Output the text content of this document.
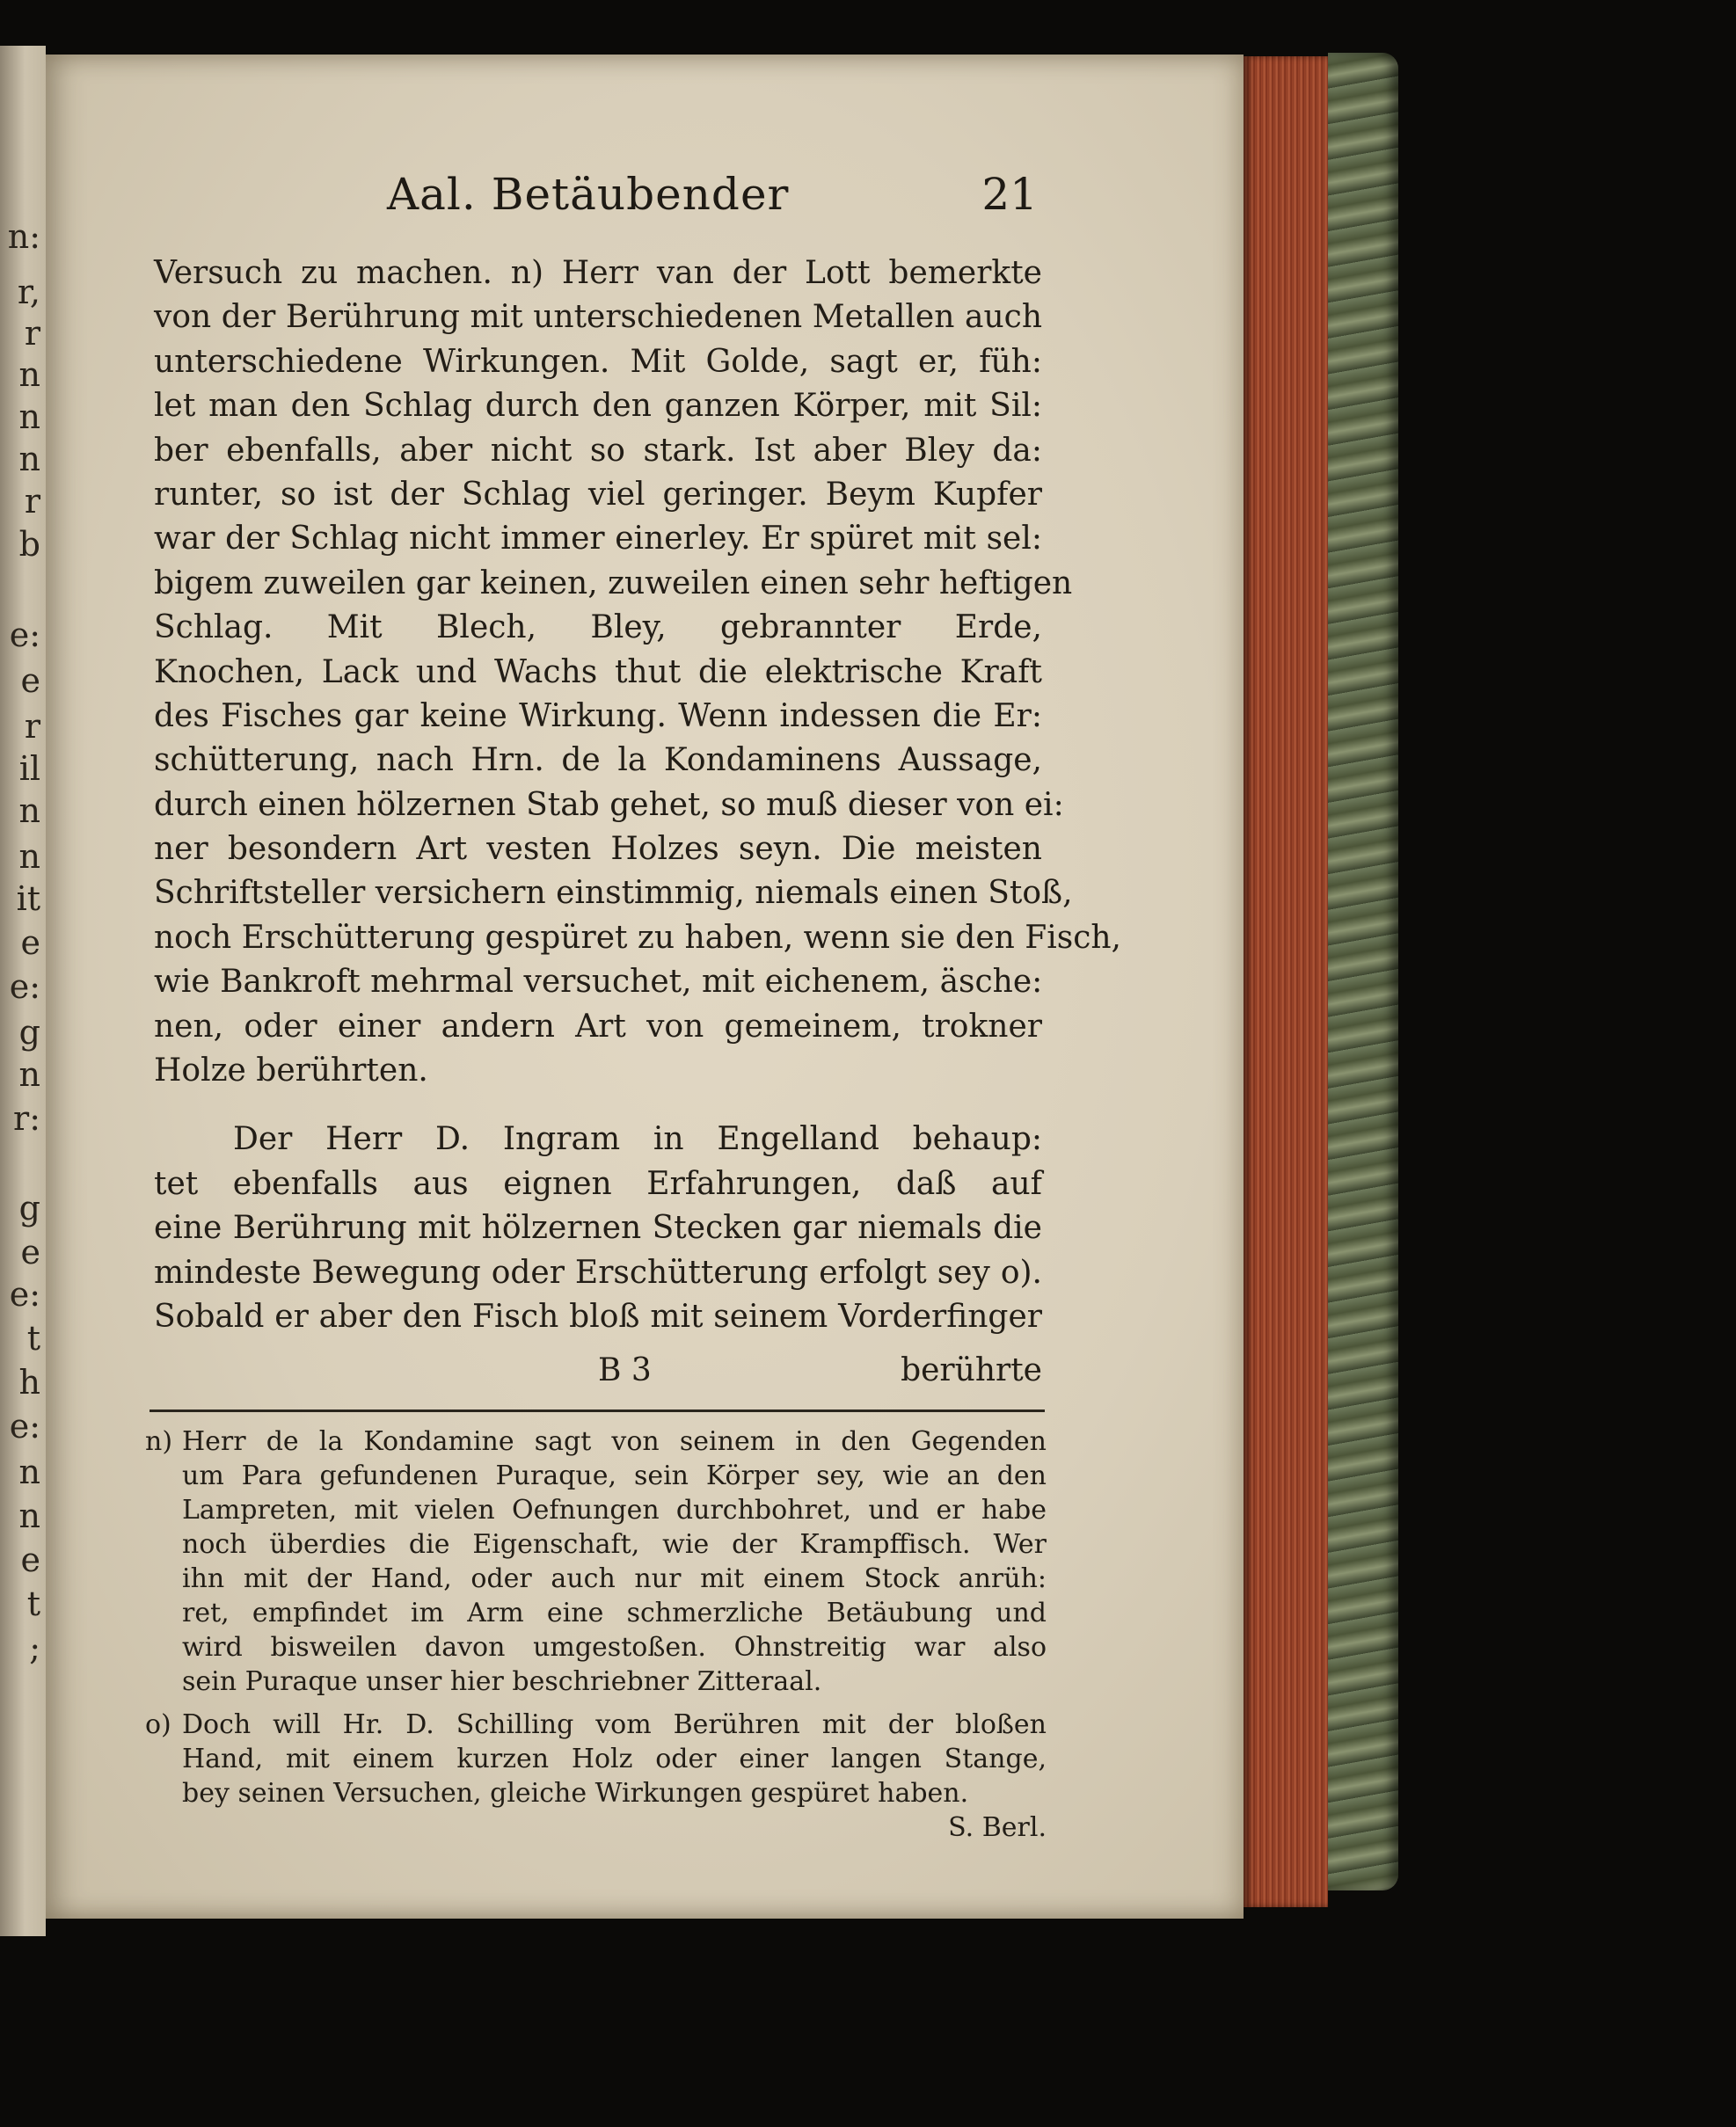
n:
r,
r
n
n
n
r
b
e:
e
r
il
n
n
it
e
e:
g
n
r:
g
e
e:
t
h
e:
n
n
e
t
;
Aal. Betäubender	21
Versuch zu machen. n) Herr van der Lott bemerkte
von der Berührung mit unterschiedenen Metallen auch
unterschiedene Wirkungen. Mit Golde, sagt er, füh:
let man den Schlag durch den ganzen Körper, mit Sil:
ber ebenfalls, aber nicht so stark. Ist aber Bley da:
runter, so ist der Schlag viel geringer. Beym Kupfer
war der Schlag nicht immer einerley. Er spüret mit sel:
bigem zuweilen gar keinen, zuweilen einen sehr heftigen
Schlag. Mit Blech, Bley, gebrannter Erde,
Knochen, Lack und Wachs thut die elektrische Kraft
des Fisches gar keine Wirkung. Wenn indessen die Er:
schütterung, nach Hrn. de la Kondaminens Aussage,
durch einen hölzernen Stab gehet, so muß dieser von ei:
ner besondern Art vesten Holzes seyn. Die meisten
Schriftsteller versichern einstimmig, niemals einen Stoß,
noch Erschütterung gespüret zu haben, wenn sie den Fisch,
wie Bankroft mehrmal versuchet, mit eichenem, äsche:
nen, oder einer andern Art von gemeinem, trokner
Holze berührten.
Der Herr D. Ingram in Engelland behaup:
tet ebenfalls aus eignen Erfahrungen, daß auf
eine Berührung mit hölzernen Stecken gar niemals die
mindeste Bewegung oder Erschütterung erfolgt sey o).
Sobald er aber den Fisch bloß mit seinem Vorderfinger
B 3	berührte
n) Herr de la Kondamine sagt von seinem in den Gegenden
um Para gefundenen Puraque, sein Körper sey, wie an den
Lampreten, mit vielen Oefnungen durchbohret, und er habe
noch überdies die Eigenschaft, wie der Krampffisch. Wer
ihn mit der Hand, oder auch nur mit einem Stock anrüh:
ret, empfindet im Arm eine schmerzliche Betäubung und
wird bisweilen davon umgestoßen. Ohnstreitig war also
sein Puraque unser hier beschriebner Zitteraal.
o) Doch will Hr. D. Schilling vom Berühren mit der bloßen
Hand, mit einem kurzen Holz oder einer langen Stange,
bey seinen Versuchen, gleiche Wirkungen gespüret haben.
S. Berl.
